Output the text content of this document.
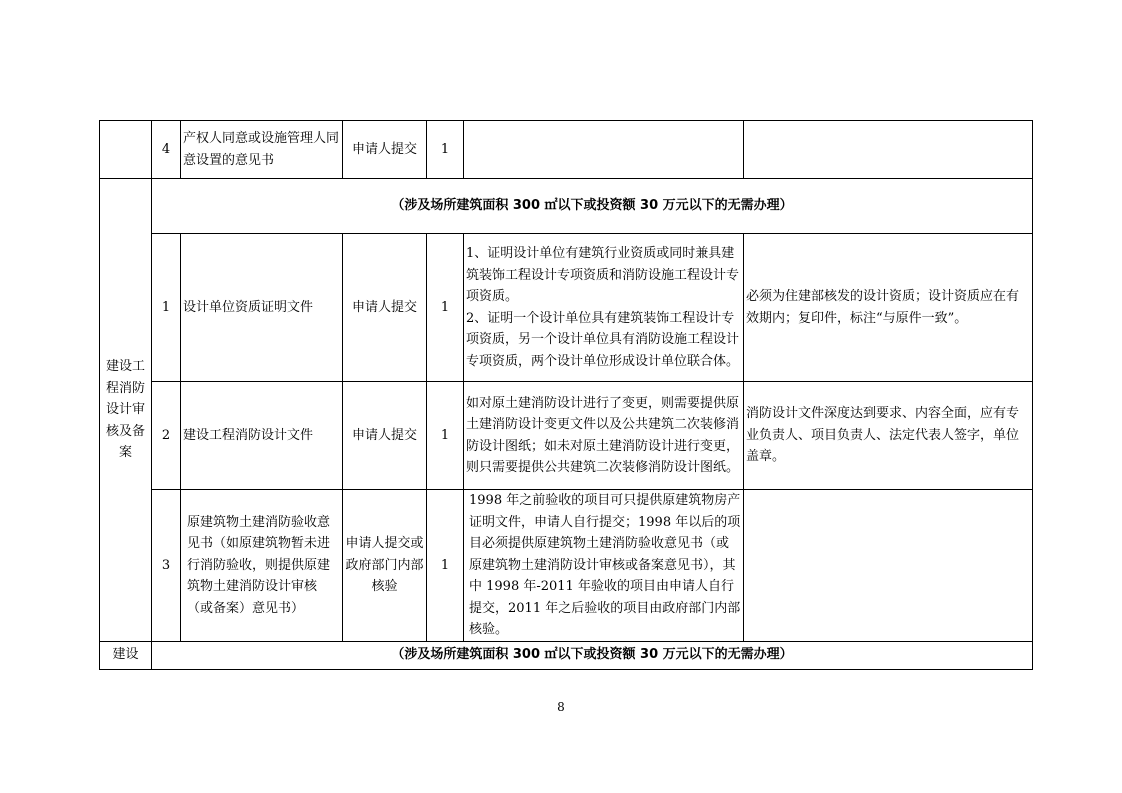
	4	产权人同意或设施管理人同意设置的意见书	申请人提交	1		
建设工程消防设计审核及备案	（涉及场所建筑面积 300 ㎡以下或投资额 30 万元以下的无需办理）					
	1	设计单位资质证明文件	申请人提交	1	1、证明设计单位有建筑行业资质或同时兼具建筑装饰工程设计专项资质和消防设施工程设计专项资质。
2、证明一个设计单位具有建筑装饰工程设计专项资质，另一个设计单位具有消防设施工程设计专项资质，两个设计单位形成设计单位联合体。	必须为住建部核发的设计资质；设计资质应在有效期内；复印件，标注“与原件一致”。
	2	建设工程消防设计文件	申请人提交	1	如对原土建消防设计进行了变更，则需要提供原土建消防设计变更文件以及公共建筑二次装修消防设计图纸；如未对原土建消防设计进行变更，则只需要提供公共建筑二次装修消防设计图纸。	消防设计文件深度达到要求、内容全面，应有专业负责人、项目负责人、法定代表人签字，单位盖章。
	3	原建筑物土建消防验收意见书（如原建筑物暂未进行消防验收，则提供原建筑物土建消防设计审核（或备案）意见书）	申请人提交或政府部门内部核验	1	1998 年之前验收的项目可只提供原建筑物房产证明文件，申请人自行提交；1998 年以后的项目必须提供原建筑物土建消防验收意见书（或原建筑物土建消防设计审核或备案意见书），其中 1998 年-2011 年验收的项目由申请人自行提交，2011 年之后验收的项目由政府部门内部核验。	
建设	（涉及场所建筑面积 300 ㎡以下或投资额 30 万元以下的无需办理）					
8
